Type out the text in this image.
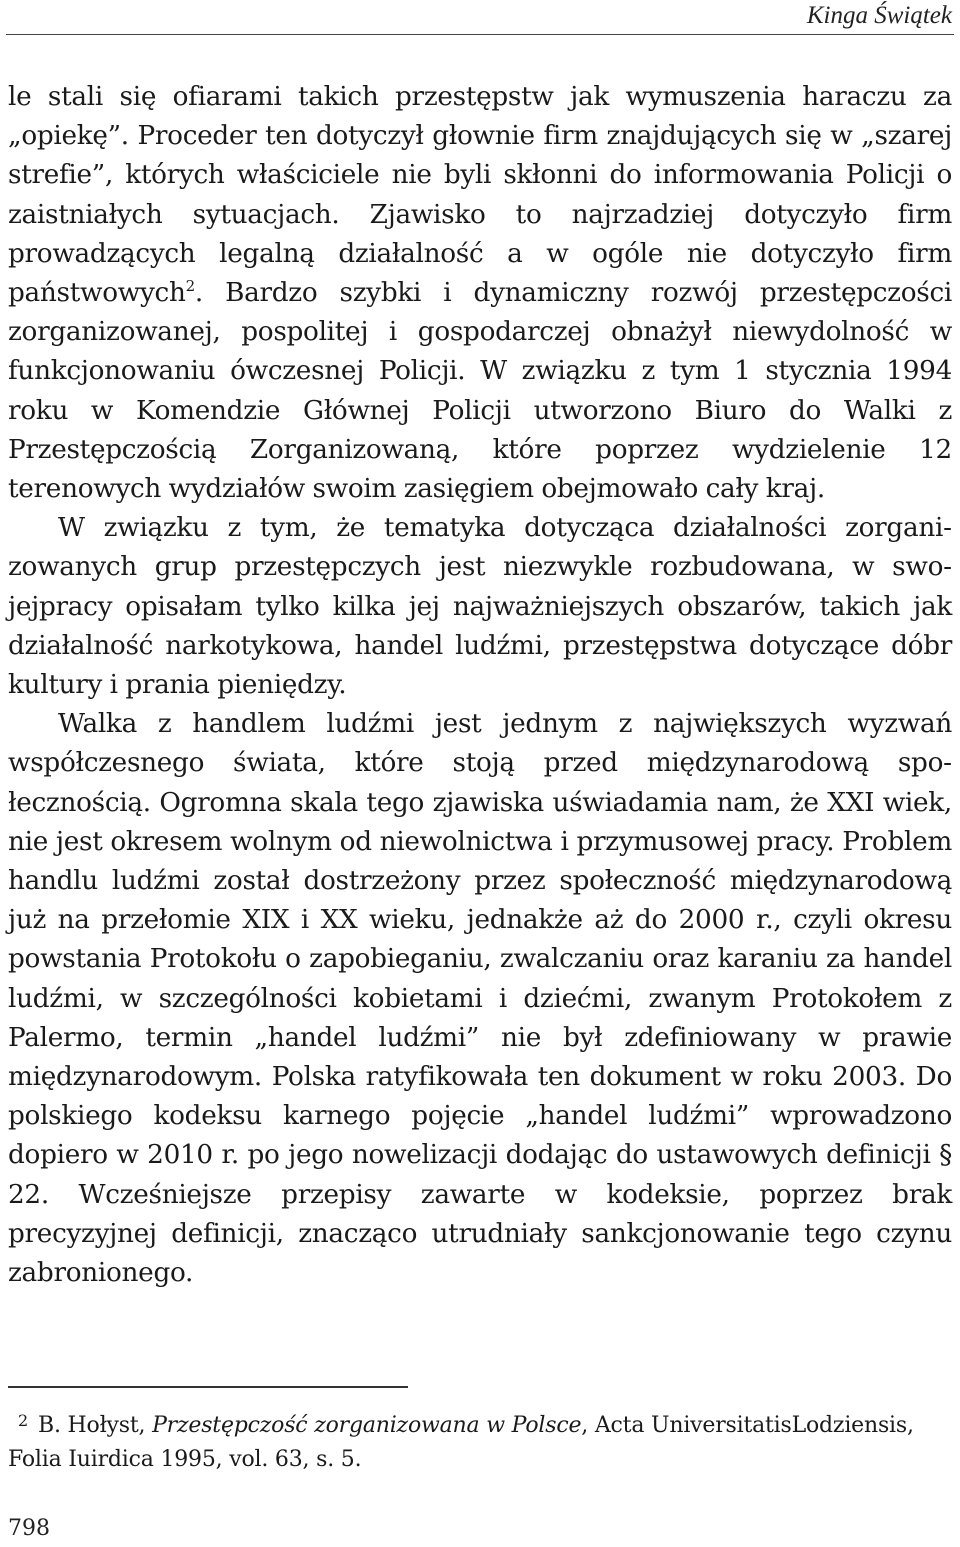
Kinga Świątek

le stali się ofiarami takich przestępstw jak wymuszenia haraczu za „opiekę”. Proceder ten dotyczył głownie firm znajdujących się w „szarej strefie”, których właściciele nie byli skłonni do informowania Policji o zaistniałych sytuacjach. Zjawisko to najrzadziej dotyczyło firm prowadzących legalną działalność a w ogóle nie dotyczyło firm państwowych$^2$. Bardzo szybki i dynamiczny rozwój przestępczości zorganizowanej, pospolitej i gospodarczej obnażył niewydolność w funkcjonowaniu ówczesnej Policji. W związku z tym 1 stycznia 1994 roku w Komendzie Głównej Policji utworzono Biuro do Walki z Przestępczością Zorganizowaną, które poprzez wydzielenie 12 terenowych wydziałów swoim zasięgiem obejmowało cały kraj.

W związku z tym, że tematyka dotycząca działalności zorganizowanych grup przestępczych jest niezwykle rozbudowana, w swojejpracy opisałam tylko kilka jej najważniejszych obszarów, takich jak działalność narkotykowa, handel ludźmi, przestępstwa dotyczące dóbr kultury i prania pieniędzy.

Walka z handlem ludźmi jest jednym z największych wyzwań współczesnego świata, które stoją przed międzynarodową społecznością. Ogromna skala tego zjawiska uświadamia nam, że XXI wiek, nie jest okresem wolnym od niewolnictwa i przymusowej pracy. Problem handlu ludźmi został dostrzeżony przez społeczność międzynarodową już na przełomie XIX i XX wieku, jednakże aż do 2000 r., czyli okresu powstania Protokołu o zapobieganiu, zwalczaniu oraz karaniu za handel ludźmi, w szczególności kobietami i dziećmi, zwanym Protokołem z Palermo, termin „handel ludźmi” nie był zdefiniowany w prawie międzynarodowym. Polska ratyfikowała ten dokument w roku 2003. Do polskiego kodeksu karnego pojęcie „handel ludźmi” wprowadzono dopiero w 2010 r. po jego nowelizacji dodając do ustawowych definicji § 22. Wcześniejsze przepisy zawarte w kodeksie, poprzez brak precyzyjnej definicji, znacząco utrudniały sankcjonowanie tego czynu zabronionego.

2 B. Hołyst, Przestępczość zorganizowana w Polsce, Acta UniversitatisLodziensis, Folia Iuirdica 1995, vol. 63, s. 5.
798
